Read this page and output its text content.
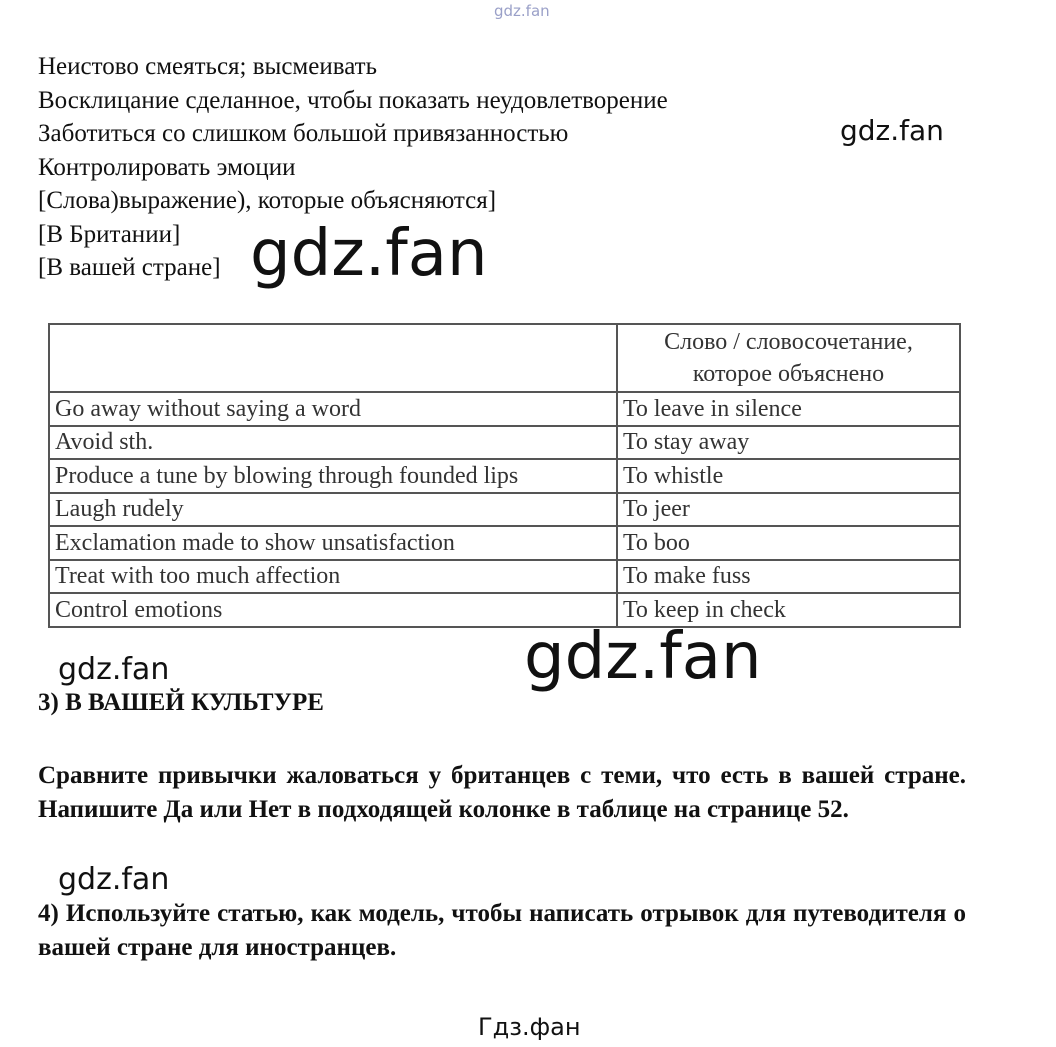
gdz.fan
Неистово смеяться; высмеивать
Восклицание сделанное, чтобы показать неудовлетворение
Заботиться со слишком большой привязанностью
Контролировать эмоции
[Слова)выражение), которые объясняются]
[В Британии]
[В вашей стране]
gdz.fan
gdz.fan
	Слово / словосочетание,
которое объяснено
Go away without saying a word	To leave in silence
Avoid sth.	To stay away
Produce a tune by blowing through founded lips	To whistle
Laugh rudely	To jeer
Exclamation made to show unsatisfaction	To boo
Treat with too much affection	To make fuss
Control emotions	To keep in check
gdz.fan
gdz.fan
3) В ВАШЕЙ КУЛЬТУРЕ

Сравните привычки жаловаться у британцев с теми, что есть в вашей стране. Напишите Да или Нет в подходящей колонке в таблице на странице 52.

gdz.fan

4) Используйте статью, как модель, чтобы написать отрывок для путеводителя о вашей стране для иностранцев.

Гдз.фан
